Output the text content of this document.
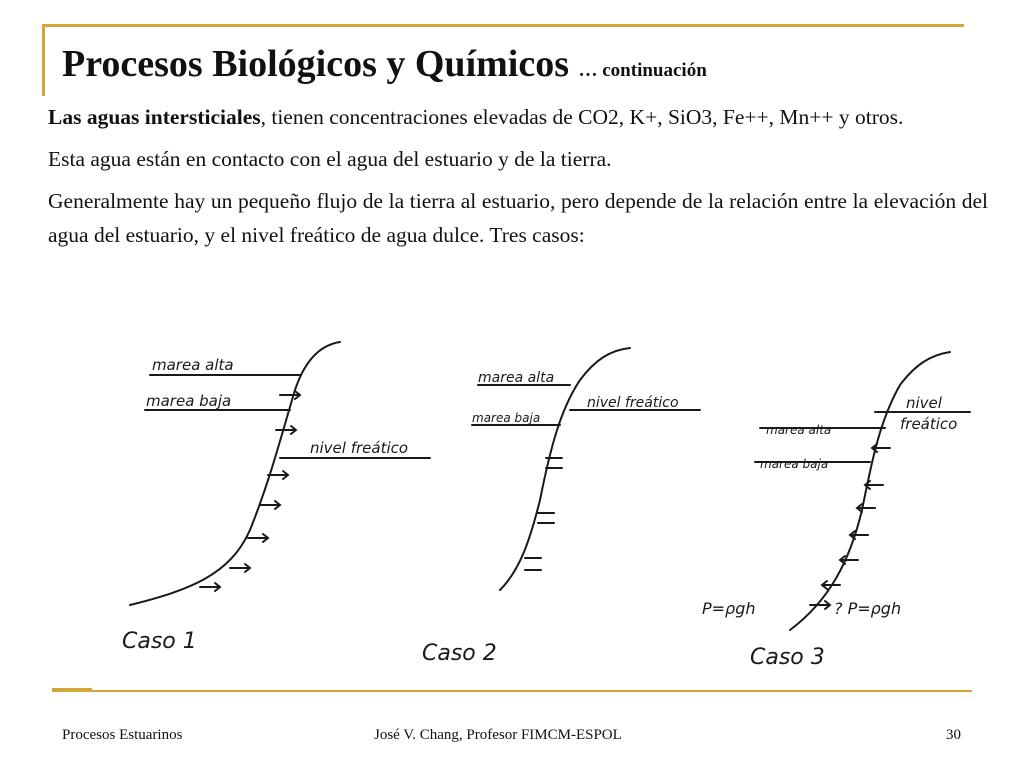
Procesos Biológicos y Químicos … continuación

Las aguas intersticiales, tienen concentraciones elevadas de CO2, K+, SiO3, Fe++, Mn++ y otros.

Esta agua están en contacto con el agua del estuario y de la tierra.

Generalmente hay un pequeño flujo de la tierra al estuario, pero depende de la relación entre la elevación del agua del estuario, y el nivel freático de agua dulce. Tres casos:

marea alta
marea baja
nivel freático
Caso 1
marea alta
nivel freático
marea baja
Caso 2
nivel
freático
marea alta
marea baja
P=ρgh	? P=ρgh
Caso 3
Procesos Estuarinos	José V. Chang, Profesor FIMCM-ESPOL	30
